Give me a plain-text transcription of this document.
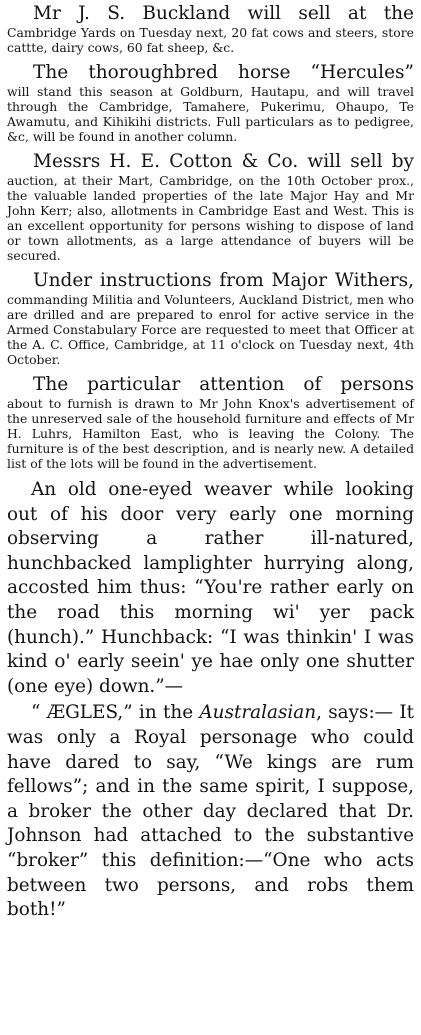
Mr J. S. Buckland will sell at the
Cambridge Yards on Tuesday next, 20 fat cows and steers, store cattte, dairy cows, 60 fat sheep, &c.

The thoroughbred horse “Hercules”
will stand this season at Goldburn, Hautapu, and will travel through the Cambridge, Tamahere, Pukerimu, Ohaupo, Te Awamutu, and Kihikihi districts. Full particulars as to pedigree, &c, will be found in another column.

Messrs H. E. Cotton & Co. will sell by
auction, at their Mart, Cambridge, on the 10th October prox., the valuable landed properties of the late Major Hay and Mr John Kerr; also, allotments in Cambridge East and West. This is an excellent opportunity for persons wishing to dispose of land or town allotments, as a large attendance of buyers will be secured.

Under instructions from Major Withers,
commanding Militia and Volunteers, Auckland District, men who are drilled and are prepared to enrol for active service in the Armed Constabulary Force are requested to meet that Officer at the A. C. Office, Cambridge, at 11 o'clock on Tuesday next, 4th October.

The particular attention of persons
about to furnish is drawn to Mr John Knox's advertisement of the unreserved sale of the household furniture and effects of Mr H. Luhrs, Hamilton East, who is leaving the Colony. The furniture is of the best description, and is nearly new. A detailed list of the lots will be found in the advertisement.

An old one-eyed weaver while looking out of his door very early one morning observing a rather ill-natured, hunchbacked lamplighter hurrying along, accosted him thus: “You're rather early on the road this morning wi' yer pack (hunch).” Hunchback: “I was thinkin' I was kind o' early seein' ye hae only one shutter (one eye) down.”—

“ ÆGLES,” in the Australasian, says:— It was only a Royal personage who could have dared to say, “We kings are rum fellows”; and in the same spirit, I suppose, a broker the other day declared that Dr. Johnson had attached to the substantive “broker” this definition:—“One who acts between two persons, and robs them both!”
